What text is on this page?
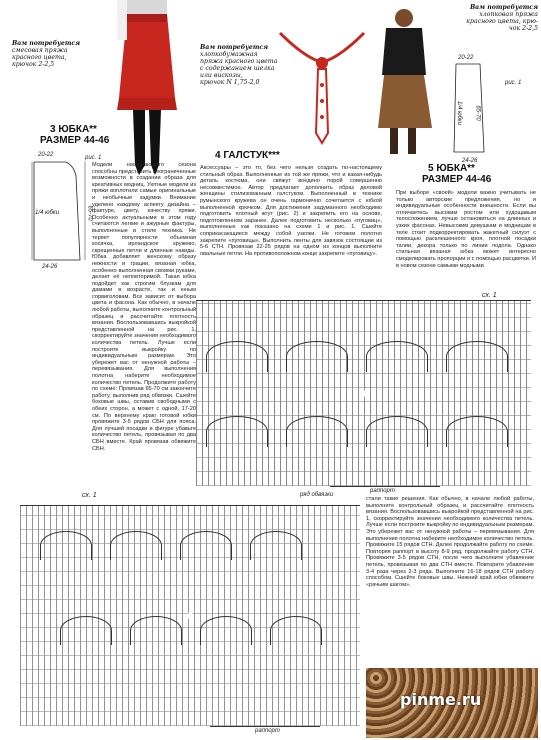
Вам потребуется
смесовая пряжа
красного цвета,
крючок 2-2,5
3 ЮБКА**
РАЗМЕР 44-46
20-22	рис. 1
1/4 юбки	65-70
24-26
Модели наступающего сезона способны представить неограниченные возможности в создании образа для креативных модниц. Уютные модели из пряжи воплотили самые оригинальные и необычные задумки. Внимание уделено каждому аспекту дизайна – фактуре, цвету, качеству пряжи. Особенно актуальными в этом году считаются легкие и ажурные фактуры, выполненные в стиле техника. Не теряет популярности объемная косичка, ирландское кружево, скрещенные петли и длинные накиды. Юбка добавляет женскому образу нежности и грации, вязаная юбка, особенно выполненная своими руками, делает её неповторимой. Такая юбка подойдет как строгим блузкам для дамами в возрасте, так и юным сорвиголовам. Все зависит от выбора цвета и фасона. Как обычно, в начале любой работы, выполните контрольный образец и рассчитайте плотность вязания. Воспользовавшись выкройкой представленной на рис. 1, скорректируйте значения необходимого количества петель. Лучше если построите выкройку по индивидуальным размерам. Это убережет вас от ненужной работы – перевязывания. Для выполнения полотна наберите необходимое количество петель. Продолжите работу по схеме: Провязав 65-70 см закончите работу, выполнив ряд обвязки. Сшейте боковые швы, оставив свободными с обеих сторон, а может с одной, 17-20 см. По верхнему краю готовой юбки провяжите 3-5 рядов СБН для пояса. Для лучшей посадки и фигуре убавьте количество петель, провязывая по два СБН вместе. Край провязав обвяжите СБН.
Вам потребуется
хлопкобумажная
пряжа красного цвета
с содержанием шелка
или вискозы,
крючок N 1,75-2,0
4 ГАЛСТУК***
Аксессуары – это то, без чего нельзя создать по-настоящему стильный образ. Выполненные из той же пряжи, что и какая-нибудь деталь костюма, они свяжут воедино порой совершенно несовместимое. Автор предлагает дополнить образ деловой женщины стилизованным галстуком. Выполненный в технике румынского кружева он очень гармонично сочетается с юбкой выполненной крючком. Для достижения задуманного необходимо подготовить плотный жгут (рис. 2) и закрепить его на основе, подготовленном заранее. Далее подготовить несколько «пуговиц», выполненных как показано на схеме 1 и рис. 1. Сшейте соприкасающиеся между собой узелки. Не готовом полотно закрепите «пуговицы». Выполнить ленты для завязок состоящие из 5-6 СТН. Провязав 22-25 рядов на одном из концов выполните овальные петли. На противоположном конце закрепите «пуговицу».
Вам потребуется
хлопковая пряжа
красного цвета, крю-
чок 2-2,5
20-22
рис. 1
65-70
1/4 юбки
24-26
5 ЮБКА**
РАЗМЕР 44-46
При выборе «своей» модели важно учитывать не только авторские предложения, но и индивидуальные особенности внешности. Если вы отличаетесь высоким ростом или худощавым телосложением, лучше остановиться на длинных и узких фасонах. Невысоким девушкам и модницам в теле стоит подкорректировать жакетный силуэт с помощью расклешенного кроя, плотной посадки талии, декора только по линии подола. Однако стильная вязаная юбка может интересно смоделировать пропорции и с помощью расцветки. И в новом сезоне самыми модными
сх. 1
раппорт
сх. 1	ряд обвязки
раппорт
стали такие решения. Как обычно, в начале любой работы, выполните контрольный образец и рассчитайте плотность вязания. Воспользовавшись выкройкой представленной на рис. 1, скорректируйте значения необходимого количества петель. Лучше если построите выкройку по индивидуальным размерам. Это убережет вас от ненужной работы – перевязывания. Для выполнения полотна наберите необходимое количество петель. Провяжите 15 рядов СТН. Далее продолжайте работу по схеме. Повторяя раппорт в высоту 8-9 ряд, продолжайте работу СТН. Провяжите 3-5 рядов СТН, после чего выполните убавление петель, провязывая по два СТН вместе. Повторите убавление 3-4 раза через 2-3 ряда. Выполните 16-18 рядов СТН работу способом. Сшейте боковые швы. Нижний край юбки обвяжите «рачьим шагом».
pinme.ru
